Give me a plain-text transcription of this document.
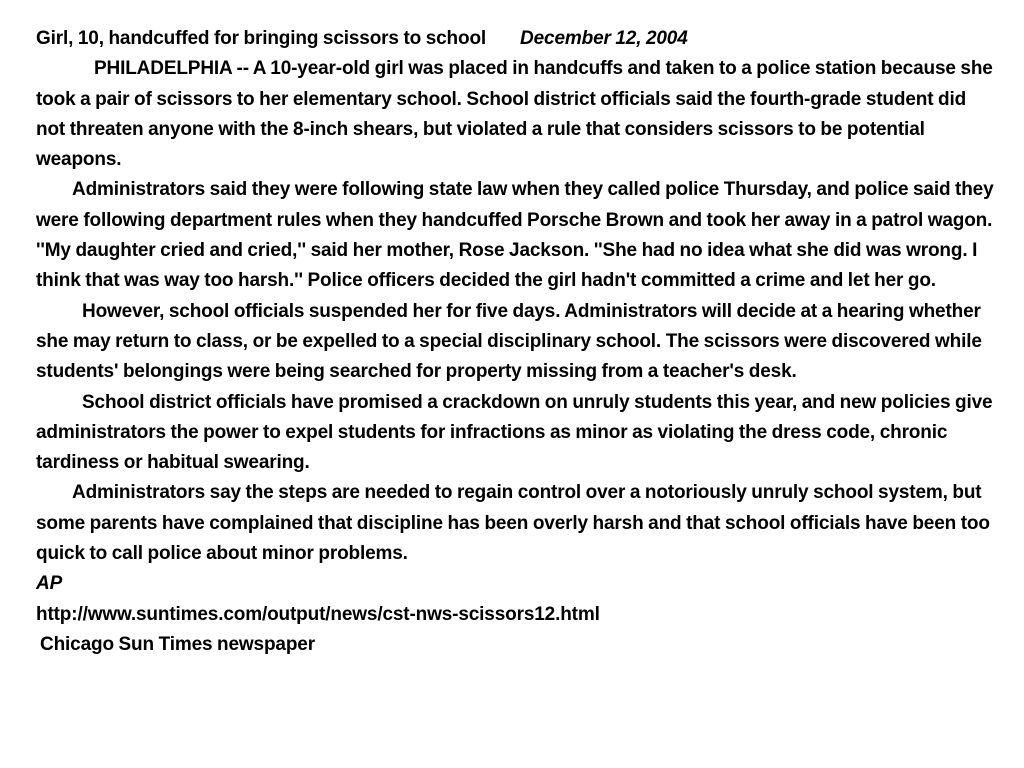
Girl, 10, handcuffed for bringing scissors to school December 12, 2004
PHILADELPHIA -- A 10-year-old girl was placed in handcuffs and taken to a police station because she took a pair of scissors to her elementary school. School district officials said the fourth-grade student did not threaten anyone with the 8-inch shears, but violated a rule that considers scissors to be potential weapons.
Administrators said they were following state law when they called police Thursday, and police said they were following department rules when they handcuffed Porsche Brown and took her away in a patrol wagon. ''My daughter cried and cried,'' said her mother, Rose Jackson. ''She had no idea what she did was wrong. I think that was way too harsh.'' Police officers decided the girl hadn't committed a crime and let her go.
However, school officials suspended her for five days. Administrators will decide at a hearing whether she may return to class, or be expelled to a special disciplinary school. The scissors were discovered while students' belongings were being searched for property missing from a teacher's desk.
School district officials have promised a crackdown on unruly students this year, and new policies give administrators the power to expel students for infractions as minor as violating the dress code, chronic tardiness or habitual swearing.
Administrators say the steps are needed to regain control over a notoriously unruly school system, but some parents have complained that discipline has been overly harsh and that school officials have been too quick to call police about minor problems.
AP
http://www.suntimes.com/output/news/cst-nws-scissors12.html
Chicago Sun Times newspaper
